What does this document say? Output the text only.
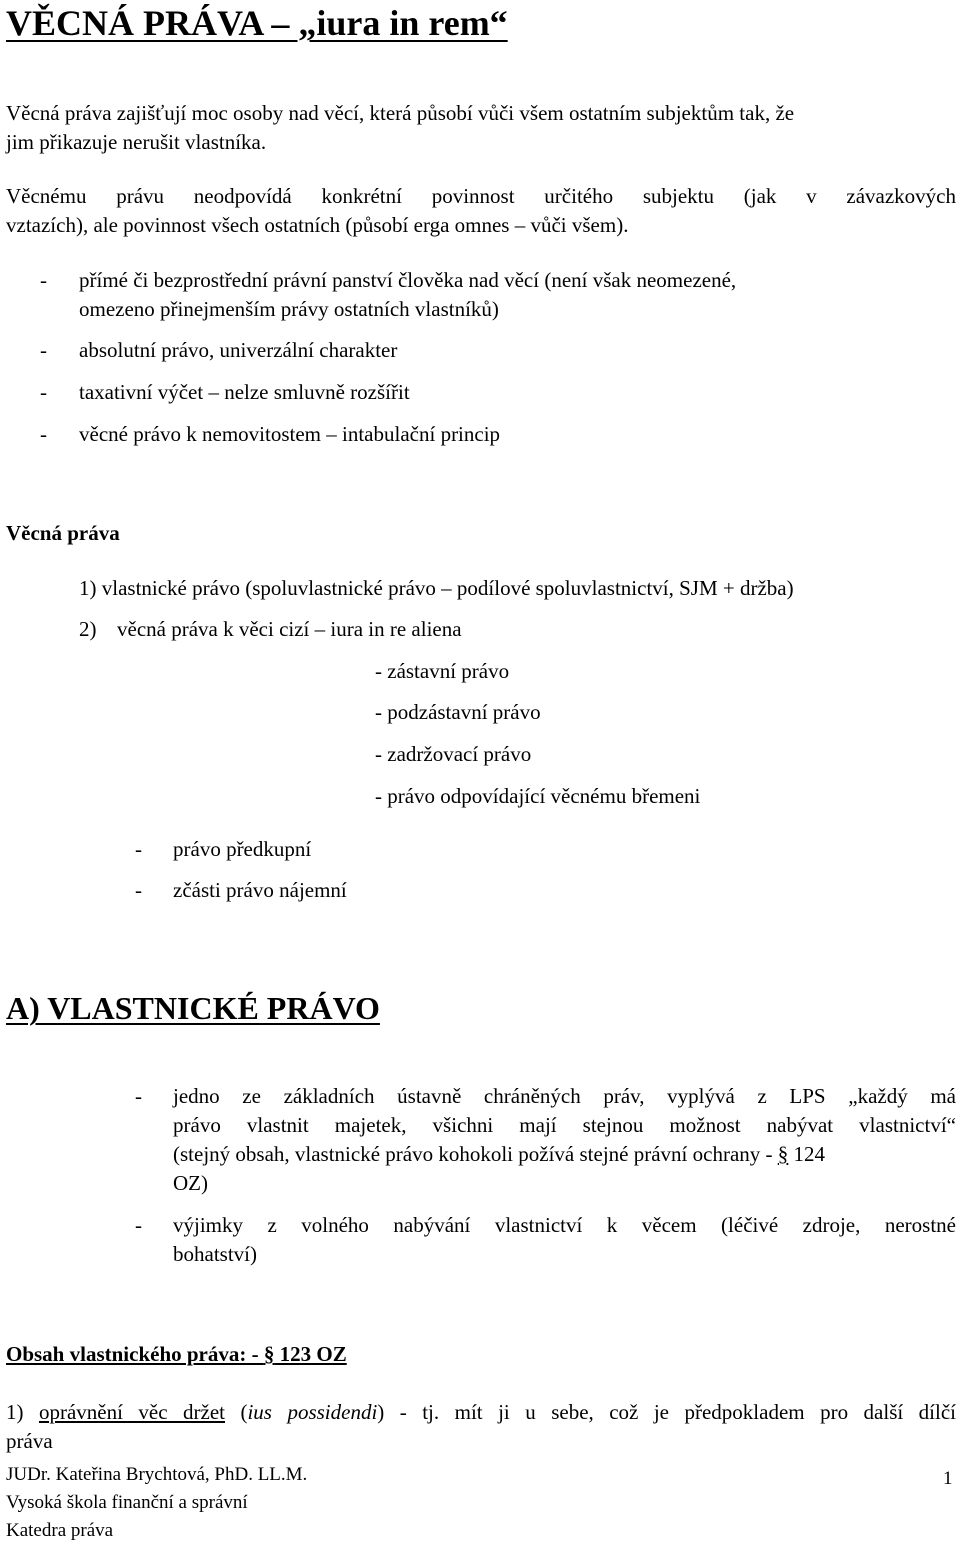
VĚCNÁ PRÁVA – „iura in rem“
Věcná práva zajišťují moc osoby nad věcí, která působí vůči všem ostatním subjektům tak, že
jim přikazuje nerušit vlastníka.
Věcnému právu neodpovídá konkrétní povinnost určitého subjektu (jak v závazkových
vztazích), ale povinnost všech ostatních (působí erga omnes – vůči všem).
- přímé či bezprostřední právní panství člověka nad věcí (není však neomezené,
omezeno přinejmenším právy ostatních vlastníků)
- absolutní právo, univerzální charakter
- taxativní výčet – nelze smluvně rozšířit
- věcné právo k nemovitostem – intabulační princip
Věcná práva
1) vlastnické právo (spoluvlastnické právo – podílové spoluvlastnictví, SJM + držba)
2) věcná práva k věci cizí – iura in re aliena
- zástavní právo
- podzástavní právo
- zadržovací právo
- právo odpovídající věcnému břemeni
- právo předkupní
- zčásti právo nájemní
A) VLASTNICKÉ PRÁVO
- jedno ze základních ústavně chráněných práv, vyplývá z LPS „každý má
právo vlastnit majetek, všichni mají stejnou možnost nabývat vlastnictví“
(stejný obsah, vlastnické právo kohokoli požívá stejné právní ochrany - § 124
OZ)
- výjimky z volného nabývání vlastnictví k věcem (léčivé zdroje, nerostné
bohatství)
Obsah vlastnického práva: - § 123 OZ
1) oprávnění věc držet (ius possidendi) - tj. mít ji u sebe, což je předpokladem pro další dílčí
práva
JUDr. Kateřina Brychtová, PhD. LL.M.
Vysoká škola finanční a správní
Katedra práva
1
